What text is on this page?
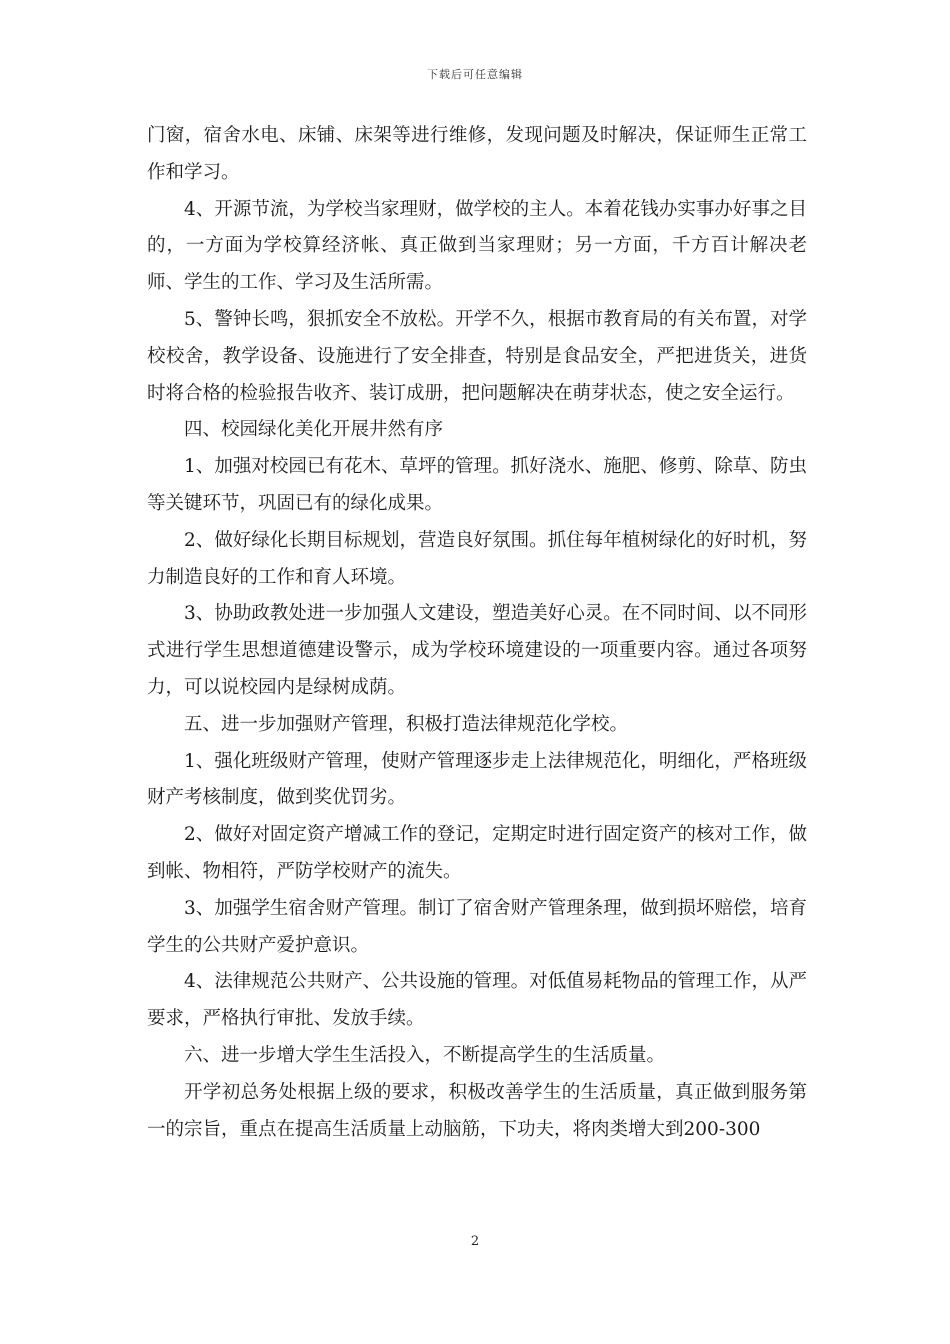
下载后可任意编辑

门窗，宿舍水电、床铺、床架等进行维修，发现问题及时解决，保证师生正常工作和学习。

4、开源节流，为学校当家理财，做学校的主人。本着花钱办实事办好事之目的，一方面为学校算经济帐、真正做到当家理财；另一方面，千方百计解决老师、学生的工作、学习及生活所需。

5、警钟长鸣，狠抓安全不放松。开学不久，根据市教育局的有关布置，对学校校舍，教学设备、设施进行了安全排查，特别是食品安全，严把进货关，进货时将合格的检验报告收齐、装订成册，把问题解决在萌芽状态，使之安全运行。

四、校园绿化美化开展井然有序

1、加强对校园已有花木、草坪的管理。抓好浇水、施肥、修剪、除草、防虫等关键环节，巩固已有的绿化成果。

2、做好绿化长期目标规划，营造良好氛围。抓住每年植树绿化的好时机，努力制造良好的工作和育人环境。

3、协助政教处进一步加强人文建设，塑造美好心灵。在不同时间、以不同形式进行学生思想道德建设警示，成为学校环境建设的一项重要内容。通过各项努力，可以说校园内是绿树成荫。

五、进一步加强财产管理，积极打造法律规范化学校。

1、强化班级财产管理，使财产管理逐步走上法律规范化，明细化，严格班级财产考核制度，做到奖优罚劣。

2、做好对固定资产增减工作的登记，定期定时进行固定资产的核对工作，做到帐、物相符，严防学校财产的流失。

3、加强学生宿舍财产管理。制订了宿舍财产管理条理，做到损坏赔偿，培育学生的公共财产爱护意识。

4、法律规范公共财产、公共设施的管理。对低值易耗物品的管理工作，从严要求，严格执行审批、发放手续。

六、进一步增大学生生活投入，不断提高学生的生活质量。

开学初总务处根据上级的要求，积极改善学生的生活质量，真正做到服务第一的宗旨，重点在提高生活质量上动脑筋，下功夫，将肉类增大到200-300

2
